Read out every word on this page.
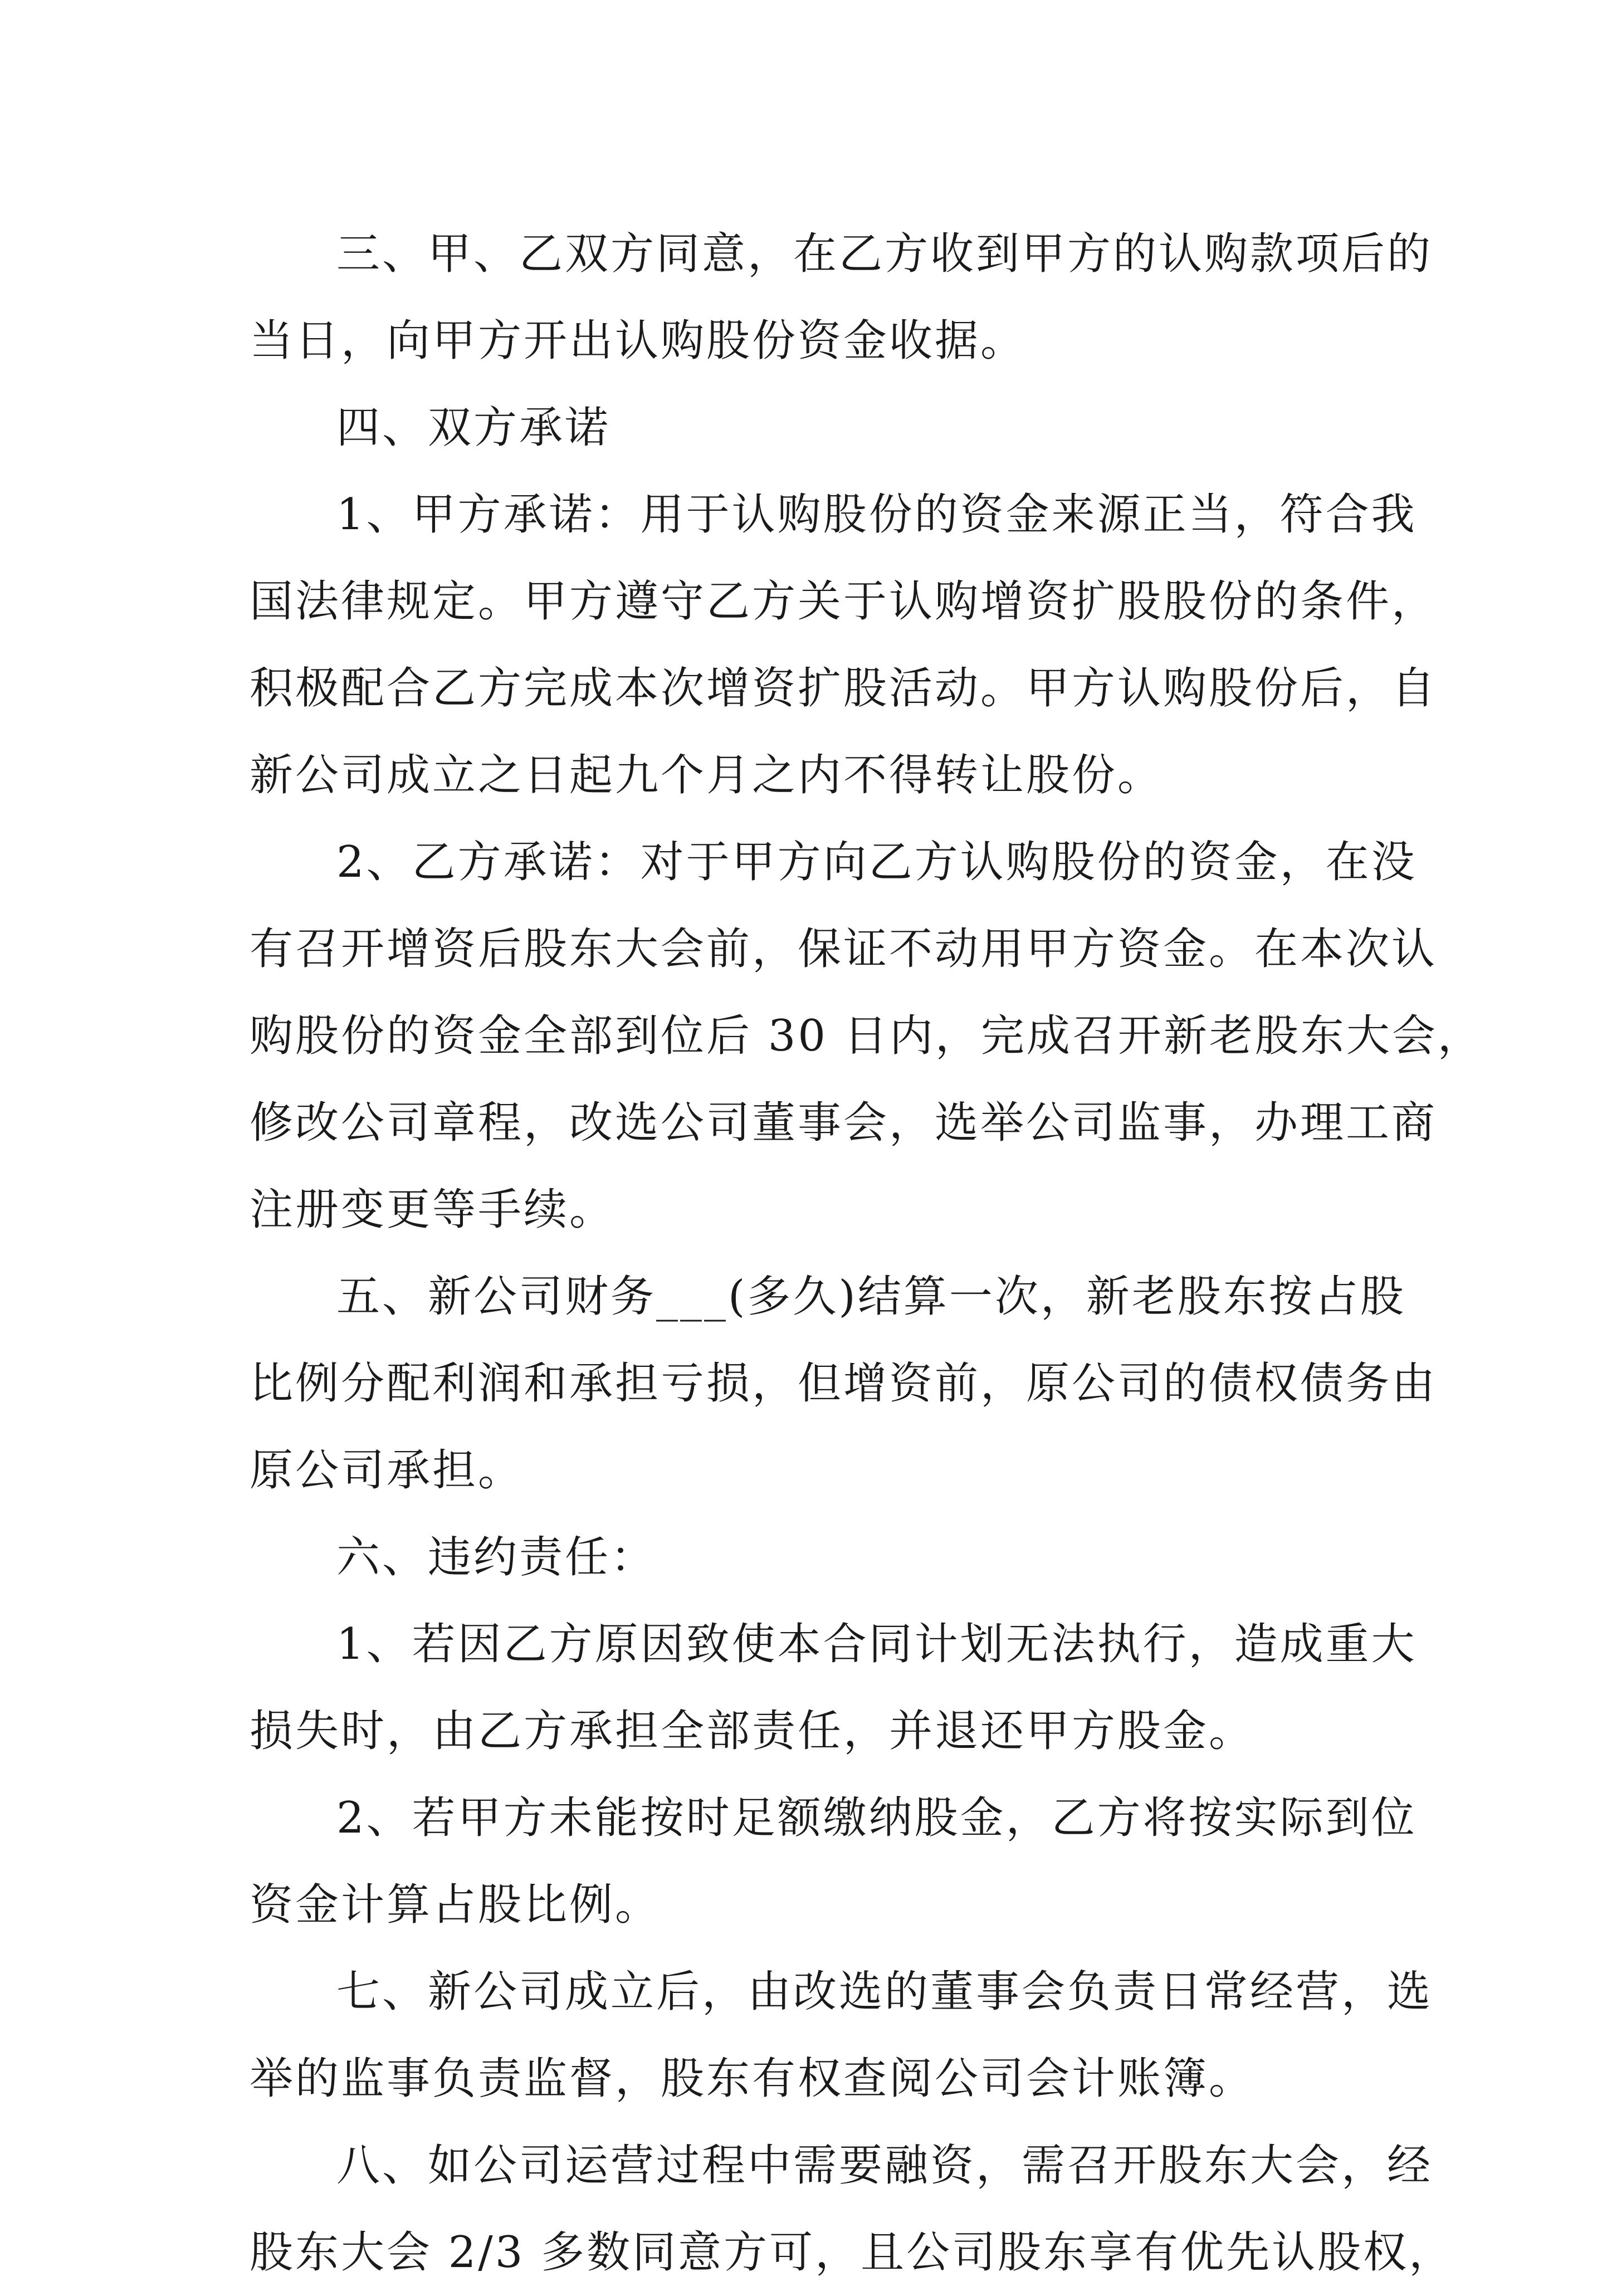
三、甲、乙双方同意，在乙方收到甲方的认购款项后的
当日，向甲方开出认购股份资金收据。

四、双方承诺

1、甲方承诺：用于认购股份的资金来源正当，符合我
国法律规定。甲方遵守乙方关于认购增资扩股股份的条件，
积极配合乙方完成本次增资扩股活动。甲方认购股份后，自
新公司成立之日起九个月之内不得转让股份。

2、乙方承诺：对于甲方向乙方认购股份的资金，在没
有召开增资后股东大会前，保证不动用甲方资金。在本次认
购股份的资金全部到位后 30 日内，完成召开新老股东大会，
修改公司章程，改选公司董事会，选举公司监事，办理工商
注册变更等手续。

五、新公司财务___(多久)结算一次，新老股东按占股
比例分配利润和承担亏损，但增资前，原公司的债权债务由
原公司承担。

六、违约责任：

1、若因乙方原因致使本合同计划无法执行，造成重大
损失时，由乙方承担全部责任，并退还甲方股金。

2、若甲方未能按时足额缴纳股金，乙方将按实际到位
资金计算占股比例。

七、新公司成立后，由改选的董事会负责日常经营，选
举的监事负责监督，股东有权查阅公司会计账簿。

八、如公司运营过程中需要融资，需召开股东大会，经
股东大会 2/3 多数同意方可，且公司股东享有优先认股权，
